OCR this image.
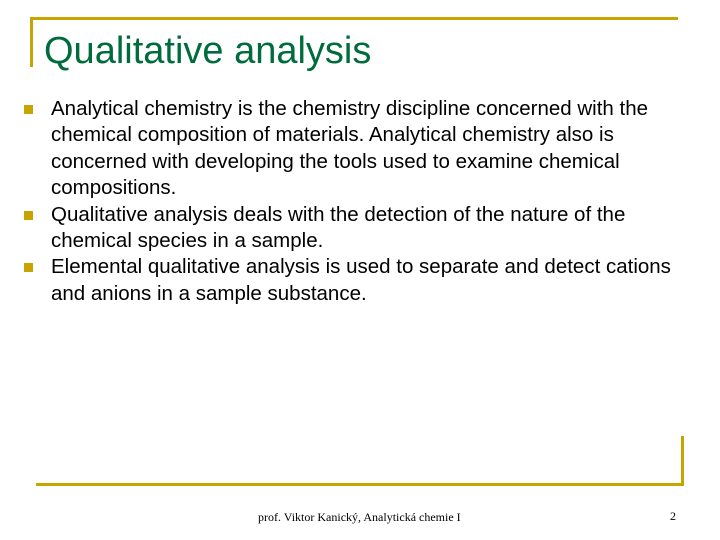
Qualitative analysis
Analytical chemistry is the chemistry discipline concerned with the chemical composition of materials. Analytical chemistry also is concerned with developing the tools used to examine chemical compositions.
Qualitative analysis deals with the detection of the nature of the chemical species in a sample.
Elemental qualitative analysis is used to separate and detect cations and anions in a sample substance.
prof. Viktor Kanický, Analytická chemie I	2
